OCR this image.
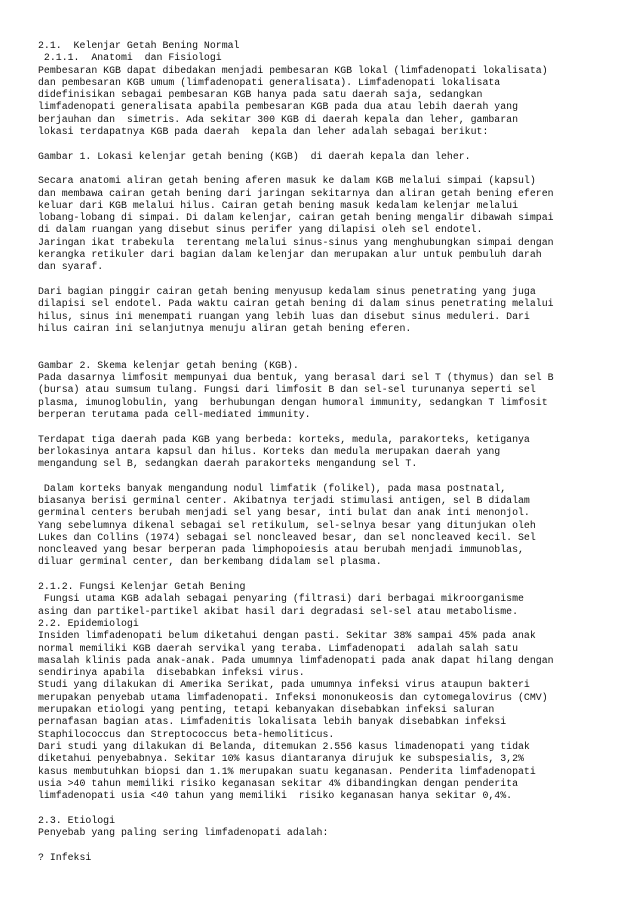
2.1.  Kelenjar Getah Bening Normal
2.1.1.  Anatomi  dan Fisiologi
Pembesaran KGB dapat dibedakan menjadi pembesaran KGB lokal (limfadenopati lokalisata)
dan pembesaran KGB umum (limfadenopati generalisata). Limfadenopati lokalisata
didefinisikan sebagai pembesaran KGB hanya pada satu daerah saja, sedangkan
limfadenopati generalisata apabila pembesaran KGB pada dua atau lebih daerah yang
berjauhan dan  simetris. Ada sekitar 300 KGB di daerah kepala dan leher, gambaran
lokasi terdapatnya KGB pada daerah  kepala dan leher adalah sebagai berikut:
Gambar 1. Lokasi kelenjar getah bening (KGB)  di daerah kepala dan leher.
Secara anatomi aliran getah bening aferen masuk ke dalam KGB melalui simpai (kapsul)
dan membawa cairan getah bening dari jaringan sekitarnya dan aliran getah bening eferen
keluar dari KGB melalui hilus. Cairan getah bening masuk kedalam kelenjar melalui
lobang-lobang di simpai. Di dalam kelenjar, cairan getah bening mengalir dibawah simpai
di dalam ruangan yang disebut sinus perifer yang dilapisi oleh sel endotel.
Jaringan ikat trabekula  terentang melalui sinus-sinus yang menghubungkan simpai dengan
kerangka retikuler dari bagian dalam kelenjar dan merupakan alur untuk pembuluh darah
dan syaraf.
Dari bagian pinggir cairan getah bening menyusup kedalam sinus penetrating yang juga
dilapisi sel endotel. Pada waktu cairan getah bening di dalam sinus penetrating melalui
hilus, sinus ini menempati ruangan yang lebih luas dan disebut sinus meduleri. Dari
hilus cairan ini selanjutnya menuju aliran getah bening eferen.
Gambar 2. Skema kelenjar getah bening (KGB).
Pada dasarnya limfosit mempunyai dua bentuk, yang berasal dari sel T (thymus) dan sel B
(bursa) atau sumsum tulang. Fungsi dari limfosit B dan sel-sel turunanya seperti sel
plasma, imunoglobulin, yang  berhubungan dengan humoral immunity, sedangkan T limfosit
berperan terutama pada cell-mediated immunity.
Terdapat tiga daerah pada KGB yang berbeda: korteks, medula, parakorteks, ketiganya
berlokasinya antara kapsul dan hilus. Korteks dan medula merupakan daerah yang
mengandung sel B, sedangkan daerah parakorteks mengandung sel T.
Dalam korteks banyak mengandung nodul limfatik (folikel), pada masa postnatal,
biasanya berisi germinal center. Akibatnya terjadi stimulasi antigen, sel B didalam
germinal centers berubah menjadi sel yang besar, inti bulat dan anak inti menonjol.
Yang sebelumnya dikenal sebagai sel retikulum, sel-selnya besar yang ditunjukan oleh
Lukes dan Collins (1974) sebagai sel noncleaved besar, dan sel noncleaved kecil. Sel
noncleaved yang besar berperan pada limphopoiesis atau berubah menjadi immunoblas,
diluar germinal center, dan berkembang didalam sel plasma.
2.1.2. Fungsi Kelenjar Getah Bening
Fungsi utama KGB adalah sebagai penyaring (filtrasi) dari berbagai mikroorganisme
asing dan partikel-partikel akibat hasil dari degradasi sel-sel atau metabolisme.
2.2. Epidemiologi
Insiden limfadenopati belum diketahui dengan pasti. Sekitar 38% sampai 45% pada anak
normal memiliki KGB daerah servikal yang teraba. Limfadenopati  adalah salah satu
masalah klinis pada anak-anak. Pada umumnya limfadenopati pada anak dapat hilang dengan
sendirinya apabila  disebabkan infeksi virus.
Studi yang dilakukan di Amerika Serikat, pada umumnya infeksi virus ataupun bakteri
merupakan penyebab utama limfadenopati. Infeksi mononukeosis dan cytomegalovirus (CMV)
merupakan etiologi yang penting, tetapi kebanyakan disebabkan infeksi saluran
pernafasan bagian atas. Limfadenitis lokalisata lebih banyak disebabkan infeksi
Staphilococcus dan Streptococcus beta-hemoliticus.
Dari studi yang dilakukan di Belanda, ditemukan 2.556 kasus limadenopati yang tidak
diketahui penyebabnya. Sekitar 10% kasus diantaranya dirujuk ke subspesialis, 3,2%
kasus membutuhkan biopsi dan 1.1% merupakan suatu keganasan. Penderita limfadenopati
usia >40 tahun memiliki risiko keganasan sekitar 4% dibandingkan dengan penderita
limfadenopati usia <40 tahun yang memiliki  risiko keganasan hanya sekitar 0,4%.
2.3. Etiologi
Penyebab yang paling sering limfadenopati adalah:
? Infeksi
